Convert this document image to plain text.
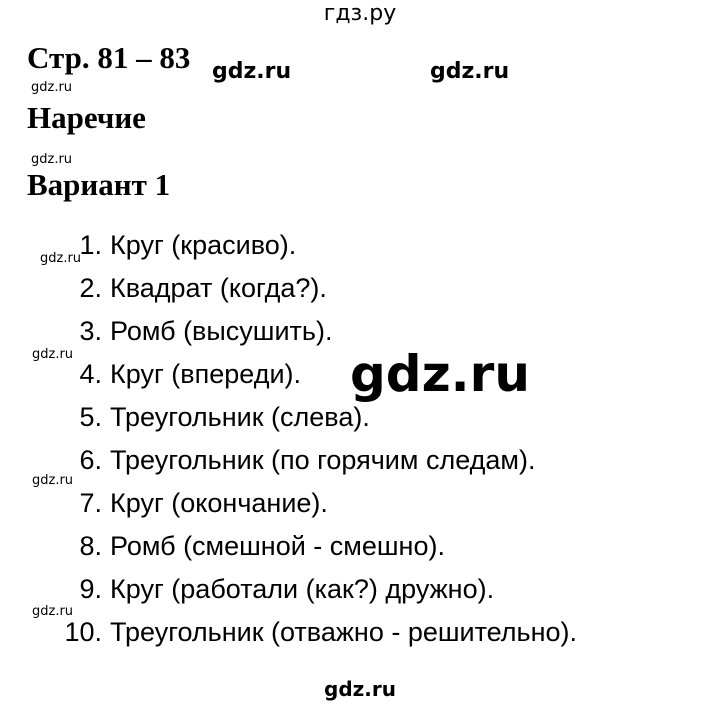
гдз.ру
Стр. 81 – 83
Наречие
Вариант 1
gdz.ru	gdz.ru
gdz.ru
gdz.ru
gdz.ru
gdz.ru
gdz.ru
gdz.ru
1. Круг (красиво).
2. Квадрат (когда?).
3. Ромб (высушить).
4. Круг (впереди).
5. Треугольник (слева).
6. Треугольник (по горячим следам).
7. Круг (окончание).
8. Ромб (смешной - смешно).
9. Круг (работали (как?) дружно).
10. Треугольник (отважно - решительно).
gdz.ru
gdz.ru
